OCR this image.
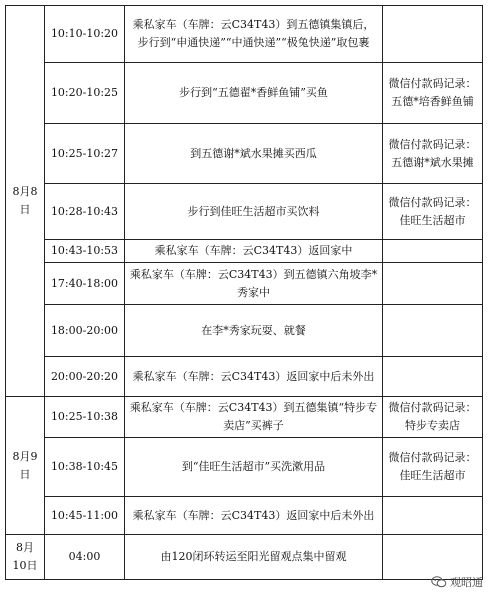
8月8日	10:10-10:20	乘私家车（车牌：云C34T43）到五德镇集镇后，步行到“申通快递”“中通快递”“极兔快递”取包裹	
	10:20-10:25	步行到“五德翟*香鲜鱼铺”买鱼	微信付款码记录：五德*培香鲜鱼铺
	10:25-10:27	到五德谢*斌水果摊买西瓜	微信付款码记录：五德谢*斌水果摊
	10:28-10:43	步行到佳旺生活超市买饮料	微信付款码记录：佳旺生活超市
	10:43-10:53	乘私家车（车牌：云C34T43）返回家中	
	17:40-18:00	乘私家车（车牌：云C34T43）到五德镇六角坡李*秀家中	
	18:00-20:00	在李*秀家玩耍、就餐	
	20:00-20:20	乘私家车（车牌：云C34T43）返回家中后未外出	
8月9日	10:25-10:38	乘私家车（车牌：云C34T43）到五德集镇“特步专卖店”买裤子	微信付款码记录：特步专卖店
	10:38-10:45	到“佳旺生活超市”买洗漱用品	微信付款码记录：佳旺生活超市
	10:45-11:00	乘私家车（车牌：云C34T43）返回家中后未外出	
8月10日	04:00	由120闭环转运至阳光留观点集中留观	
观昭通
